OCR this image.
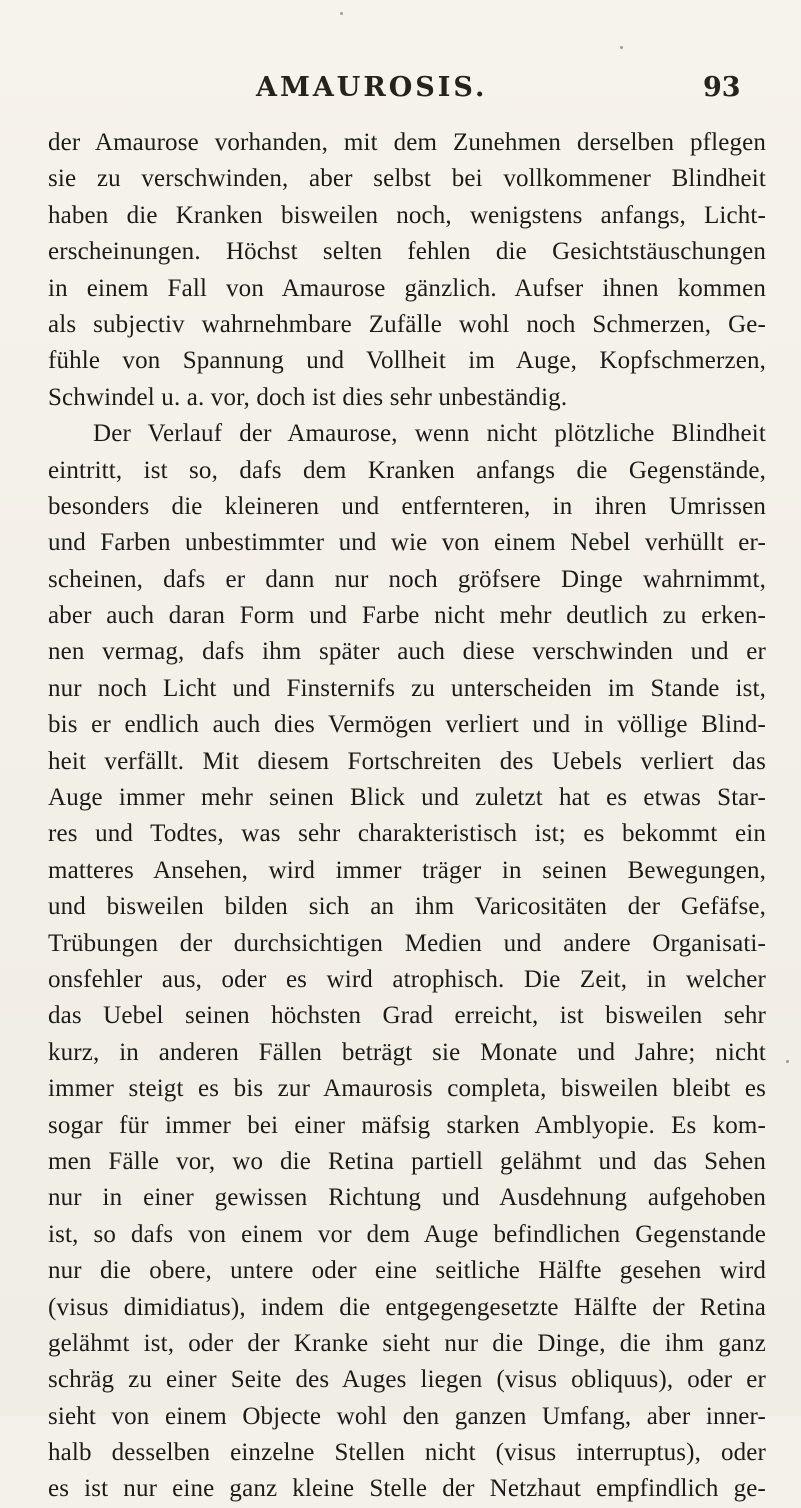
AMAUROSIS.	93
der Amaurose vorhanden, mit dem Zunehmen derselben pflegen
sie zu verschwinden, aber selbst bei vollkommener Blindheit
haben die Kranken bisweilen noch, wenigstens anfangs, Licht-
erscheinungen. Höchst selten fehlen die Gesichtstäuschungen
in einem Fall von Amaurose gänzlich. Aufser ihnen kommen
als subjectiv wahrnehmbare Zufälle wohl noch Schmerzen, Ge-
fühle von Spannung und Vollheit im Auge, Kopfschmerzen,
Schwindel u. a. vor, doch ist dies sehr unbeständig.
Der Verlauf der Amaurose, wenn nicht plötzliche Blindheit
eintritt, ist so, dafs dem Kranken anfangs die Gegenstände,
besonders die kleineren und entfernteren, in ihren Umrissen
und Farben unbestimmter und wie von einem Nebel verhüllt er-
scheinen, dafs er dann nur noch gröfsere Dinge wahrnimmt,
aber auch daran Form und Farbe nicht mehr deutlich zu erken-
nen vermag, dafs ihm später auch diese verschwinden und er
nur noch Licht und Finsternifs zu unterscheiden im Stande ist,
bis er endlich auch dies Vermögen verliert und in völlige Blind-
heit verfällt. Mit diesem Fortschreiten des Uebels verliert das
Auge immer mehr seinen Blick und zuletzt hat es etwas Star-
res und Todtes, was sehr charakteristisch ist; es bekommt ein
matteres Ansehen, wird immer träger in seinen Bewegungen,
und bisweilen bilden sich an ihm Varicositäten der Gefäfse,
Trübungen der durchsichtigen Medien und andere Organisati-
onsfehler aus, oder es wird atrophisch. Die Zeit, in welcher
das Uebel seinen höchsten Grad erreicht, ist bisweilen sehr
kurz, in anderen Fällen beträgt sie Monate und Jahre; nicht
immer steigt es bis zur Amaurosis completa, bisweilen bleibt es
sogar für immer bei einer mäfsig starken Amblyopie. Es kom-
men Fälle vor, wo die Retina partiell gelähmt und das Sehen
nur in einer gewissen Richtung und Ausdehnung aufgehoben
ist, so dafs von einem vor dem Auge befindlichen Gegenstande
nur die obere, untere oder eine seitliche Hälfte gesehen wird
(visus dimidiatus), indem die entgegengesetzte Hälfte der Retina
gelähmt ist, oder der Kranke sieht nur die Dinge, die ihm ganz
schräg zu einer Seite des Auges liegen (visus obliquus), oder er
sieht von einem Objecte wohl den ganzen Umfang, aber inner-
halb desselben einzelne Stellen nicht (visus interruptus), oder
es ist nur eine ganz kleine Stelle der Netzhaut empfindlich ge-
